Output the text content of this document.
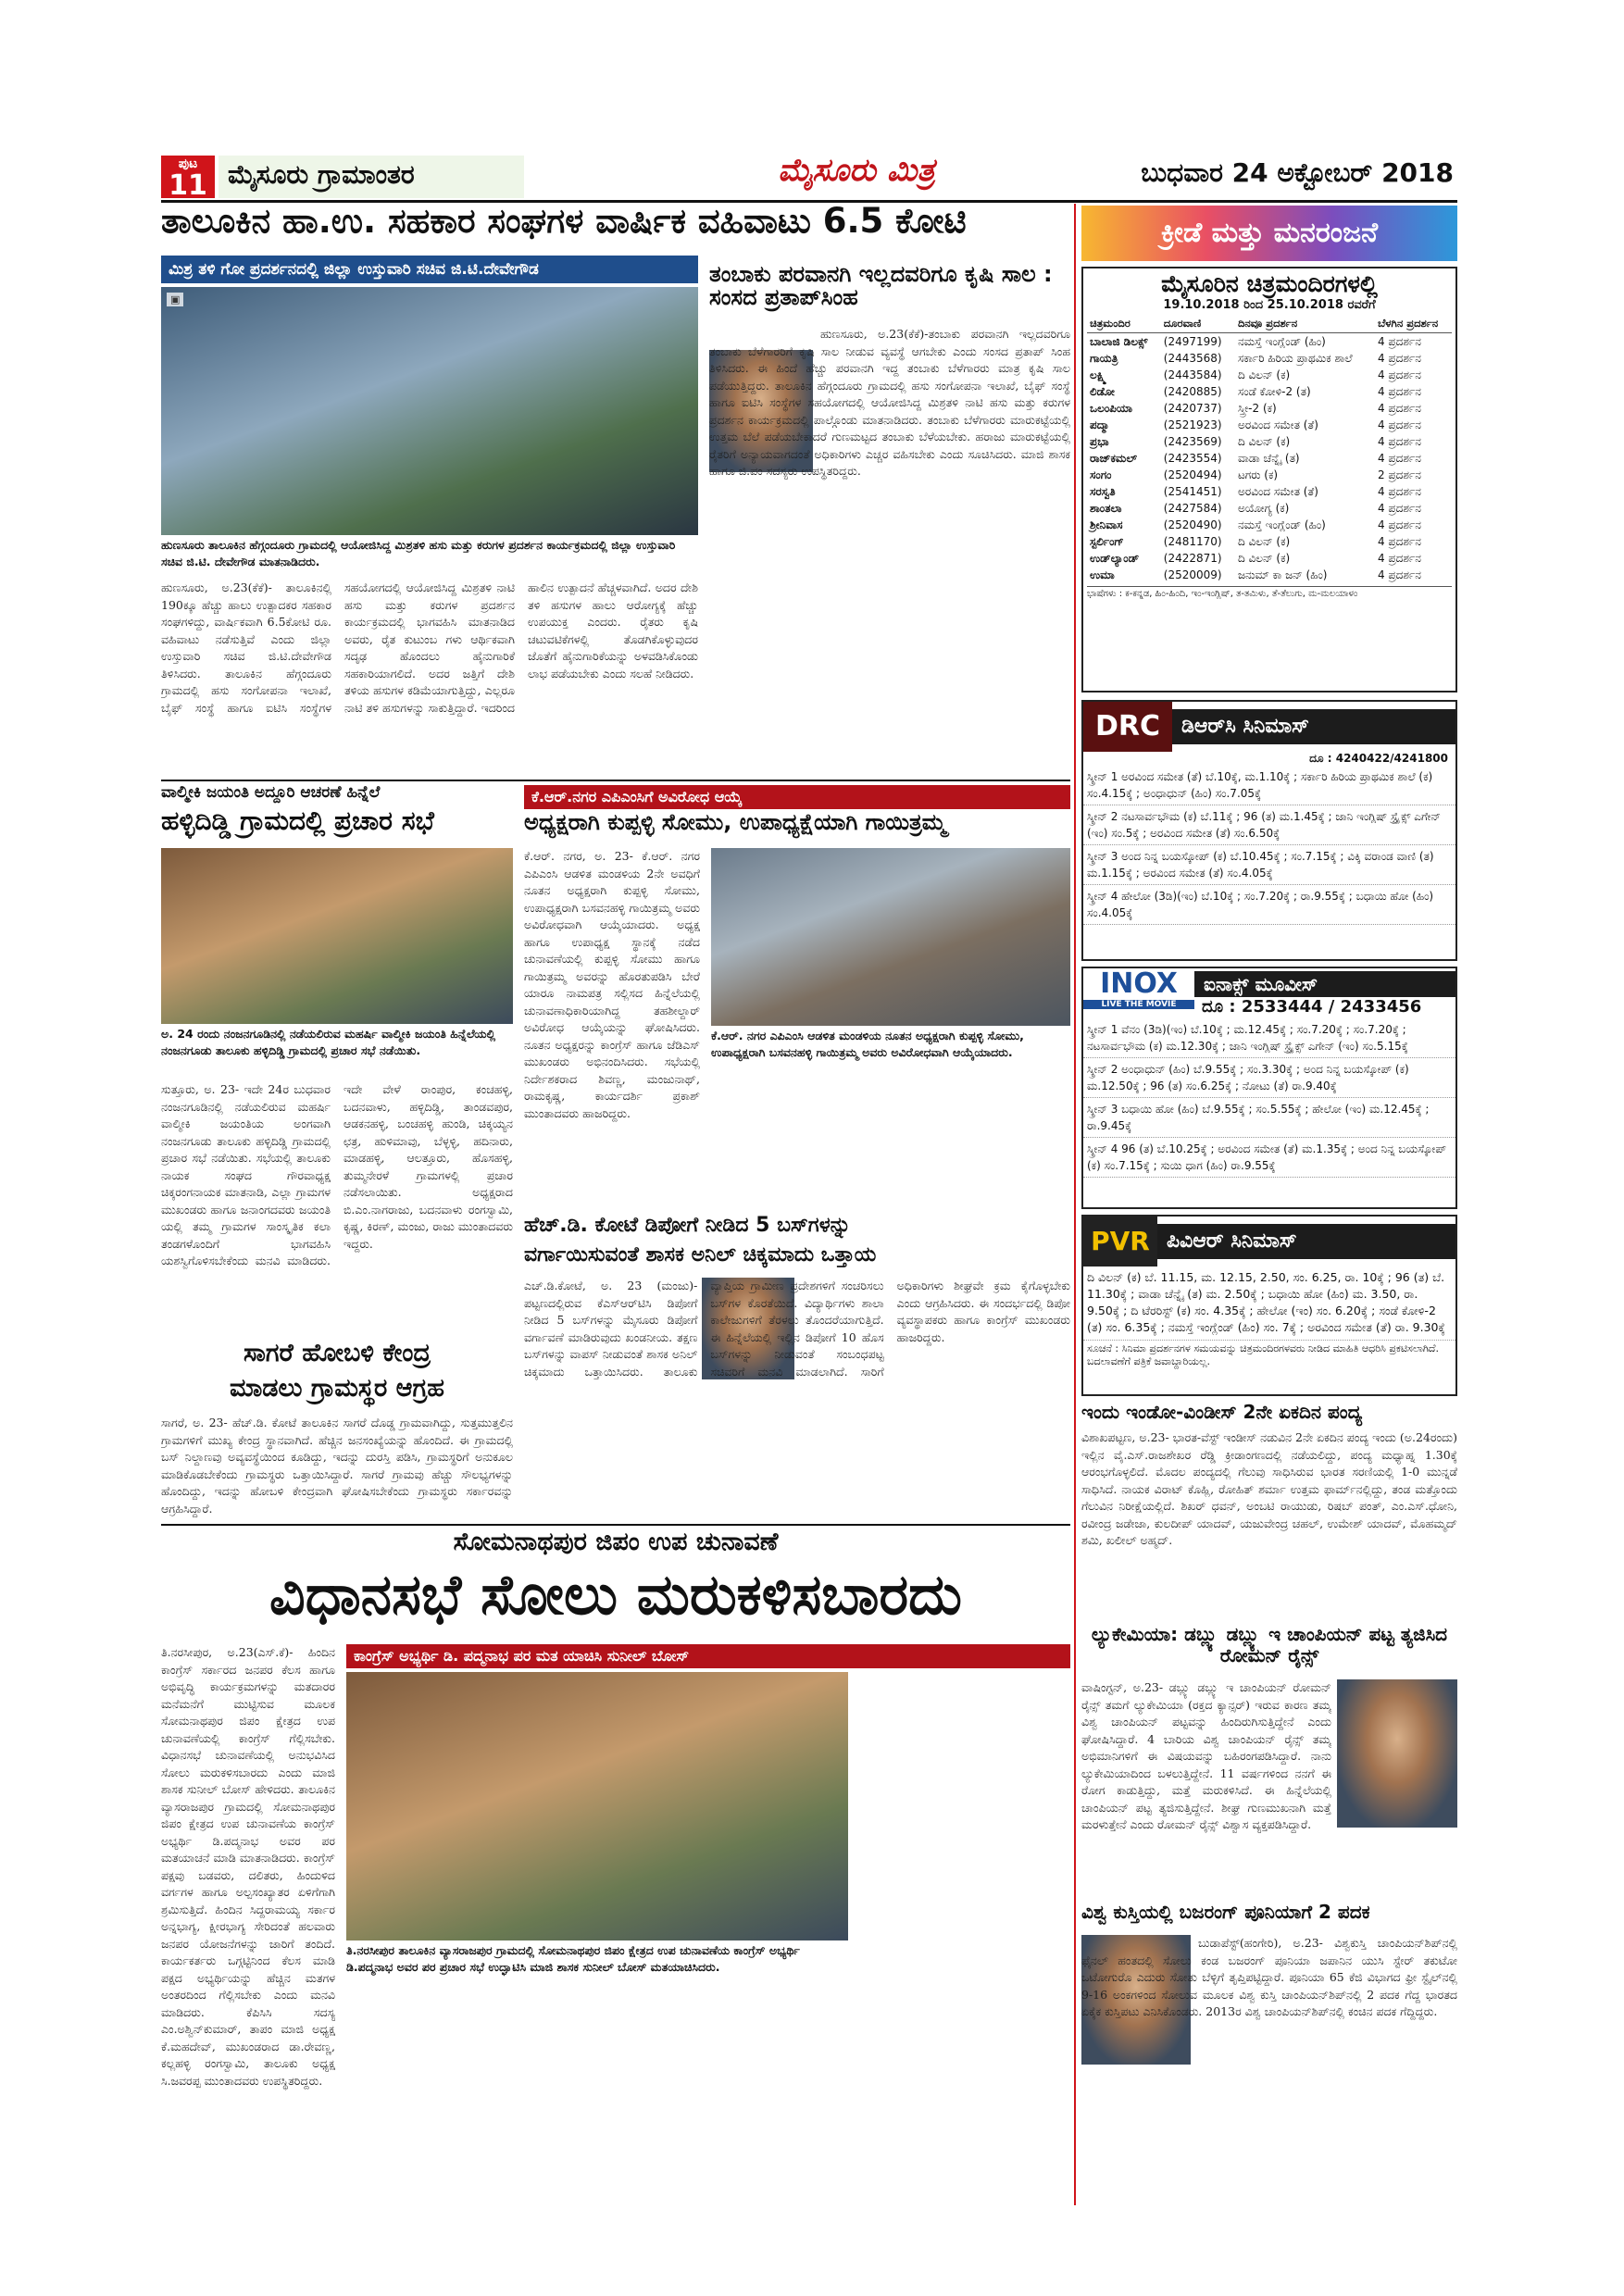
ಪುಟ
11 ಮೈಸೂರು ಗ್ರಾಮಾಂತರ	ಮೈಸೂರು ಮಿತ್ರ	ಬುಧವಾರ 24 ಅಕ್ಟೋಬರ್ 2018
ತಾಲೂಕಿನ ಹಾ.ಉ. ಸಹಕಾರ ಸಂಘಗಳ ವಾರ್ಷಿಕ ವಹಿವಾಟು 6.5 ಕೋಟಿ
ಮಿಶ್ರ ತಳಿ ಗೋ ಪ್ರದರ್ಶನದಲ್ಲಿ ಜಿಲ್ಲಾ ಉಸ್ತುವಾರಿ ಸಚಿವ ಜಿ.ಟಿ.ದೇವೇಗೌಡ
▣
ಹುಣಸೂರು ತಾಲೂಕಿನ ಹೆಗ್ಗಂದೂರು ಗ್ರಾಮದಲ್ಲಿ ಆಯೋಜಿಸಿದ್ದ ಮಿಶ್ರತಳಿ ಹಸು ಮತ್ತು ಕರುಗಳ ಪ್ರದರ್ಶನ ಕಾರ್ಯಕ್ರಮದಲ್ಲಿ ಜಿಲ್ಲಾ ಉಸ್ತುವಾರಿ ಸಚಿವ ಜಿ.ಟಿ. ದೇವೇಗೌಡ ಮಾತನಾಡಿದರು.
ಹುಣಸೂರು, ಅ.23(ಕೆಕೆ)- ತಾಲೂಕಿನಲ್ಲಿ 190ಕ್ಕೂ ಹೆಚ್ಚು ಹಾಲು ಉತ್ಪಾದಕರ ಸಹಕಾರ ಸಂಘಗಳಿದ್ದು, ವಾರ್ಷಿಕವಾಗಿ 6.5ಕೋಟಿ ರೂ. ವಹಿವಾಟು ನಡೆಸುತ್ತಿವೆ ಎಂದು ಜಿಲ್ಲಾ ಉಸ್ತುವಾರಿ ಸಚಿವ ಜಿ.ಟಿ.ದೇವೇಗೌಡ ತಿಳಿಸಿದರು. ತಾಲೂಕಿನ ಹೆಗ್ಗಂದೂರು ಗ್ರಾಮದಲ್ಲಿ ಹಸು ಸಂಗೋಪನಾ ಇಲಾಖೆ, ಬೈಫ್ ಸಂಸ್ಥೆ ಹಾಗೂ ಐಟಿಸಿ ಸಂಸ್ಥೆಗಳ ಸಹಯೋಗದಲ್ಲಿ ಆಯೋಜಿಸಿದ್ದ ಮಿಶ್ರತಳಿ ನಾಟಿ ಹಸು ಮತ್ತು ಕರುಗಳ ಪ್ರದರ್ಶನ ಕಾರ್ಯಕ್ರಮದಲ್ಲಿ ಭಾಗವಹಿಸಿ ಮಾತನಾಡಿದ ಅವರು, ರೈತ ಕುಟುಂಬ ಗಳು ಆರ್ಥಿಕವಾಗಿ ಸದೃಢ ಹೊಂದಲು ಹೈನುಗಾರಿಕೆ ಸಹಕಾರಿಯಾಗಲಿದೆ. ಅದರ ಜತ್ತಿಗೆ ದೇಶಿ ತಳಿಯ ಹಸುಗಳ ಕಡಿಮೆಯಾಗುತ್ತಿದ್ದು, ಎಲ್ಲರೂ ನಾಟಿ ತಳಿ ಹಸುಗಳನ್ನು ಸಾಕುತ್ತಿದ್ದಾರೆ. ಇದರಿಂದ ಹಾಲಿನ ಉತ್ಪಾದನೆ ಹೆಚ್ಚಳವಾಗಿದೆ. ಅದರ ದೇಶಿ ತಳಿ ಹಸುಗಳ ಹಾಲು ಆರೋಗ್ಯಕ್ಕೆ ಹೆಚ್ಚು ಉಪಯುಕ್ತ ಎಂದರು. ರೈತರು ಕೃಷಿ ಚಟುವಟಿಕೆಗಳಲ್ಲಿ ತೊಡಗಿಕೊಳ್ಳುವುದರ ಜೊತೆಗೆ ಹೈನುಗಾರಿಕೆಯನ್ನು ಅಳವಡಿಸಿಕೊಂಡು ಲಾಭ ಪಡೆಯಬೇಕು ಎಂದು ಸಲಹೆ ನೀಡಿದರು.
ತಂಬಾಕು ಪರವಾನಗಿ ಇಲ್ಲದವರಿಗೂ ಕೃಷಿ ಸಾಲ : ಸಂಸದ ಪ್ರತಾಪ್‌ಸಿಂಹ
ಹುಣಸೂರು, ಅ.23(ಕೆಕೆ)-ತಂಬಾಕು ಪರವಾನಗಿ ಇಲ್ಲದವರಿಗೂ ತಂಬಾಕು ಬೆಳೆಗಾರರಿಗೆ ಕೃಷಿ ಸಾಲ ನೀಡುವ ವ್ಯವಸ್ಥೆ ಆಗಬೇಕು ಎಂದು ಸಂಸದ ಪ್ರತಾಪ್ ಸಿಂಹ ತಿಳಿಸಿದರು. ಈ ಹಿಂದೆ ಹೆಚ್ಚು ಪರವಾನಗಿ ಇದ್ದ ತಂಬಾಕು ಬೆಳೆಗಾರರು ಮಾತ್ರ ಕೃಷಿ ಸಾಲ ಪಡೆಯುತ್ತಿದ್ದರು. ತಾಲೂಕಿನ ಹೆಗ್ಗಂದೂರು ಗ್ರಾಮದಲ್ಲಿ ಹಸು ಸಂಗೋಪನಾ ಇಲಾಖೆ, ಬೈಫ್ ಸಂಸ್ಥೆ ಹಾಗೂ ಐಟಿಸಿ ಸಂಸ್ಥೆಗಳ ಸಹಯೋಗದಲ್ಲಿ ಆಯೋಜಿಸಿದ್ದ ಮಿಶ್ರತಳಿ ನಾಟಿ ಹಸು ಮತ್ತು ಕರುಗಳ ಪ್ರದರ್ಶನ ಕಾರ್ಯಕ್ರಮದಲ್ಲಿ ಪಾಲ್ಗೊಂಡು ಮಾತನಾಡಿದರು. ತಂಬಾಕು ಬೆಳೆಗಾರರು ಮಾರುಕಟ್ಟೆಯಲ್ಲಿ ಉತ್ತಮ ಬೆಲೆ ಪಡೆಯಬೇಕಾದರೆ ಗುಣಮಟ್ಟದ ತಂಬಾಕು ಬೆಳೆಯಬೇಕು. ಹರಾಜು ಮಾರುಕಟ್ಟೆಯಲ್ಲಿ ರೈತರಿಗೆ ಅನ್ಯಾಯವಾಗದಂತೆ ಅಧಿಕಾರಿಗಳು ಎಚ್ಚರ ವಹಿಸಬೇಕು ಎಂದು ಸೂಚಿಸಿದರು. ಮಾಜಿ ಶಾಸಕ ಹಾಗೂ ಜಿ.ಪಂ ಸದಸ್ಯರು ಉಪಸ್ಥಿತರಿದ್ದರು.
ವಾಲ್ಮೀಕಿ ಜಯಂತಿ ಅದ್ದೂರಿ ಆಚರಣೆ ಹಿನ್ನೆಲೆ
ಹಳ್ಳಿದಿಡ್ಡಿ ಗ್ರಾಮದಲ್ಲಿ ಪ್ರಚಾರ ಸಭೆ
ಅ. 24 ರಂದು ನಂಜನಗೂಡಿನಲ್ಲಿ ನಡೆಯಲಿರುವ ಮಹರ್ಷಿ ವಾಲ್ಮೀಕಿ ಜಯಂತಿ ಹಿನ್ನೆಲೆಯಲ್ಲಿ ನಂಜನಗೂಡು ತಾಲೂಕು ಹಳ್ಳಿದಿಡ್ಡಿ ಗ್ರಾಮದಲ್ಲಿ ಪ್ರಚಾರ ಸಭೆ ನಡೆಯಿತು.
ಸುತ್ತೂರು, ಅ. 23- ಇದೇ 24ರ ಬುಧವಾರ ನಂಜನಗೂಡಿನಲ್ಲಿ ನಡೆಯಲಿರುವ ಮಹರ್ಷಿ ವಾಲ್ಮೀಕಿ ಜಯಂತಿಯ ಅಂಗವಾಗಿ ನಂಜನಗೂಡು ತಾಲೂಕು ಹಳ್ಳಿದಿಡ್ಡಿ ಗ್ರಾಮದಲ್ಲಿ ಪ್ರಚಾರ ಸಭೆ ನಡೆಯಿತು. ಸಭೆಯಲ್ಲಿ ತಾಲೂಕು ನಾಯಕ ಸಂಘದ ಗೌರವಾಧ್ಯಕ್ಷ ಚಿಕ್ಕರಂಗನಾಯಕ ಮಾತನಾಡಿ, ಎಲ್ಲಾ ಗ್ರಾಮಗಳ ಮುಖಂಡರು ಹಾಗೂ ಜನಾಂಗದವರು ಜಯಂತಿ ಯಲ್ಲಿ ತಮ್ಮ ಗ್ರಾಮಗಳ ಸಾಂಸ್ಕೃತಿಕ ಕಲಾ ತಂಡಗಳೊಂದಿಗೆ ಭಾಗವಹಿಸಿ ಯಶಸ್ವಿಗೊಳಿಸಬೇಕೆಂದು ಮನವಿ ಮಾಡಿದರು. ಇದೇ ವೇಳೆ ರಾಂಪುರ, ಕಂಚಹಳ್ಳಿ, ಬದನವಾಳು, ಹಳ್ಳಿದಿಡ್ಡಿ, ತಾಂಡವಪುರ, ಆಡಕನಹಳ್ಳಿ, ಬಂಚಹಳ್ಳಿ ಹುಂಡಿ, ಚಿಕ್ಕಯ್ಯನ ಛತ್ರ, ಹುಳಿಮಾವು, ಬೆಳ್ಳಳ್ಳಿ, ಹದಿನಾರು, ಮಾಡಹಳ್ಳಿ, ಆಲತ್ತೂರು, ಹೊಸಹಳ್ಳಿ, ತುಮ್ಮನೇರಳೆ ಗ್ರಾಮಗಳಲ್ಲಿ ಪ್ರಚಾರ ನಡೆಸಲಾಯಿತು. ಅಧ್ಯಕ್ಷರಾದ ಬಿ.ಎಂ.ನಾಗರಾಜು, ಬದನವಾಳು ರಂಗಸ್ವಾಮಿ, ಕೃಷ್ಣ, ಕಿರಣ್, ಮಂಜು, ರಾಜು ಮುಂತಾದವರು ಇದ್ದರು.
ಕೆ.ಆರ್.ನಗರ ಎಪಿಎಂಸಿಗೆ ಅವಿರೋಧ ಆಯ್ಕೆ
ಅಧ್ಯಕ್ಷರಾಗಿ ಕುಪ್ಪಳ್ಳಿ ಸೋಮು, ಉಪಾಧ್ಯಕ್ಷೆಯಾಗಿ ಗಾಯಿತ್ರಮ್ಮ
ಕೆ.ಆರ್. ನಗರ, ಅ. 23- ಕೆ.ಆರ್. ನಗರ ಎಪಿಎಂಸಿ ಆಡಳಿತ ಮಂಡಳಿಯ 2ನೇ ಅವಧಿಗೆ ನೂತನ ಅಧ್ಯಕ್ಷರಾಗಿ ಕುಪ್ಪಳ್ಳಿ ಸೋಮು, ಉಪಾಧ್ಯಕ್ಷರಾಗಿ ಬಸವನಹಳ್ಳಿ ಗಾಯಿತ್ರಮ್ಮ ಅವರು ಅವಿರೋಧವಾಗಿ ಆಯ್ಕೆಯಾದರು. ಅಧ್ಯಕ್ಷ ಹಾಗೂ ಉಪಾಧ್ಯಕ್ಷ ಸ್ಥಾನಕ್ಕೆ ನಡೆದ ಚುನಾವಣೆಯಲ್ಲಿ ಕುಪ್ಪಳ್ಳಿ ಸೋಮು ಹಾಗೂ ಗಾಯಿತ್ರಮ್ಮ ಅವರನ್ನು ಹೊರತುಪಡಿಸಿ ಬೇರೆ ಯಾರೂ ನಾಮಪತ್ರ ಸಲ್ಲಿಸದ ಹಿನ್ನೆಲೆಯಲ್ಲಿ ಚುನಾವಣಾಧಿಕಾರಿಯಾಗಿದ್ದ ತಹಶೀಲ್ದಾರ್ ಅವಿರೋಧ ಆಯ್ಕೆಯನ್ನು ಘೋಷಿಸಿದರು. ನೂತನ ಅಧ್ಯಕ್ಷರನ್ನು ಕಾಂಗ್ರೆಸ್ ಹಾಗೂ ಜೆಡಿಎಸ್ ಮುಖಂಡರು ಅಭಿನಂದಿಸಿದರು. ಸಭೆಯಲ್ಲಿ ನಿರ್ದೇಶಕರಾದ ಶಿವಣ್ಣ, ಮಂಜುನಾಥ್, ರಾಮಕೃಷ್ಣ, ಕಾರ್ಯದರ್ಶಿ ಪ್ರಕಾಶ್ ಮುಂತಾದವರು ಹಾಜರಿದ್ದರು.
ಕೆ.ಆರ್. ನಗರ ಎಪಿಎಂಸಿ ಆಡಳಿತ ಮಂಡಳಿಯ ನೂತನ ಅಧ್ಯಕ್ಷರಾಗಿ ಕುಪ್ಪಳ್ಳಿ ಸೋಮು, ಉಪಾಧ್ಯಕ್ಷರಾಗಿ ಬಸವನಹಳ್ಳಿ ಗಾಯಿತ್ರಮ್ಮ ಅವರು ಅವಿರೋಧವಾಗಿ ಆಯ್ಕೆಯಾದರು.
ಹೆಚ್.ಡಿ. ಕೋಟೆ ಡಿಪೋಗೆ ನೀಡಿದ 5 ಬಸ್‌ಗಳನ್ನು
ವರ್ಗಾಯಿಸುವಂತೆ ಶಾಸಕ ಅನಿಲ್ ಚಿಕ್ಕಮಾದು ಒತ್ತಾಯ
ಎಚ್.ಡಿ.ಕೋಟೆ, ಅ. 23 (ಮಂಜು)- ಪಟ್ಟಣದಲ್ಲಿರುವ ಕೆಎಸ್‌ಆರ್‌ಟಿಸಿ ಡಿಪೋಗೆ ನೀಡಿದ 5 ಬಸ್‌ಗಳನ್ನು ಮೈಸೂರು ಡಿಪೋಗೆ ವರ್ಗಾವಣೆ ಮಾಡಿರುವುದು ಖಂಡನೀಯ. ತಕ್ಷಣ ಬಸ್‌ಗಳನ್ನು ವಾಪಸ್ ನೀಡುವಂತೆ ಶಾಸಕ ಅನಿಲ್ ಚಿಕ್ಕಮಾದು ಒತ್ತಾಯಿಸಿದರು. ತಾಲೂಕು ವ್ಯಾಪ್ತಿಯ ಗ್ರಾಮೀಣ ಪ್ರದೇಶಗಳಿಗೆ ಸಂಚರಿಸಲು ಬಸ್‌ಗಳ ಕೊರತೆಯಿದೆ. ವಿದ್ಯಾರ್ಥಿಗಳು ಶಾಲಾ ಕಾಲೇಜುಗಳಿಗೆ ತೆರಳಲು ತೊಂದರೆಯಾಗುತ್ತಿದೆ. ಈ ಹಿನ್ನೆಲೆಯಲ್ಲಿ ಇಲ್ಲಿನ ಡಿಪೋಗೆ 10 ಹೊಸ ಬಸ್‌ಗಳನ್ನು ನೀಡುವಂತೆ ಸಂಬಂಧಪಟ್ಟ ಸಚಿವರಿಗೆ ಮನವಿ ಮಾಡಲಾಗಿದೆ. ಸಾರಿಗೆ ಅಧಿಕಾರಿಗಳು ಶೀಘ್ರವೇ ಕ್ರಮ ಕೈಗೊಳ್ಳಬೇಕು ಎಂದು ಆಗ್ರಹಿಸಿದರು. ಈ ಸಂದರ್ಭದಲ್ಲಿ ಡಿಪೋ ವ್ಯವಸ್ಥಾಪಕರು ಹಾಗೂ ಕಾಂಗ್ರೆಸ್ ಮುಖಂಡರು ಹಾಜರಿದ್ದರು.
ಸಾಗರೆ ಹೋಬಳಿ ಕೇಂದ್ರ
ಮಾಡಲು ಗ್ರಾಮಸ್ಥರ ಆಗ್ರಹ
ಸಾಗರೆ, ಅ. 23- ಹೆಚ್.ಡಿ. ಕೋಟೆ ತಾಲೂಕಿನ ಸಾಗರೆ ದೊಡ್ಡ ಗ್ರಾಮವಾಗಿದ್ದು, ಸುತ್ತಮುತ್ತಲಿನ ಗ್ರಾಮಗಳಿಗೆ ಮುಖ್ಯ ಕೇಂದ್ರ ಸ್ಥಾನವಾಗಿದೆ. ಹೆಚ್ಚಿನ ಜನಸಂಖ್ಯೆಯನ್ನು ಹೊಂದಿದೆ. ಈ ಗ್ರಾಮದಲ್ಲಿ ಬಸ್ ನಿಲ್ದಾಣವು ಅವ್ಯವಸ್ಥೆಯಿಂದ ಕೂಡಿದ್ದು, ಇದನ್ನು ದುರಸ್ತಿ ಪಡಿಸಿ, ಗ್ರಾಮಸ್ಥರಿಗೆ ಅನುಕೂಲ ಮಾಡಿಕೊಡಬೇಕೆಂದು ಗ್ರಾಮಸ್ಥರು ಒತ್ತಾಯಿಸಿದ್ದಾರೆ. ಸಾಗರೆ ಗ್ರಾಮವು ಹೆಚ್ಚು ಸೌಲಭ್ಯಗಳನ್ನು ಹೊಂದಿದ್ದು, ಇದನ್ನು ಹೋಬಳಿ ಕೇಂದ್ರವಾಗಿ ಘೋಷಿಸಬೇಕೆಂದು ಗ್ರಾಮಸ್ಥರು ಸರ್ಕಾರವನ್ನು ಆಗ್ರಹಿಸಿದ್ದಾರೆ.
ಸೋಮನಾಥಪುರ ಜಿಪಂ ಉಪ ಚುನಾವಣೆ
ವಿಧಾನಸಭೆ ಸೋಲು ಮರುಕಳಿಸಬಾರದು
ತಿ.ನರಸೀಪುರ, ಅ.23(ಎಸ್.ಕೆ)- ಹಿಂದಿನ ಕಾಂಗ್ರೆಸ್ ಸರ್ಕಾರದ ಜನಪರ ಕೆಲಸ ಹಾಗೂ ಅಭಿವೃದ್ಧಿ ಕಾರ್ಯಕ್ರಮಗಳನ್ನು ಮತದಾರರ ಮನೆಮನೆಗೆ ಮುಟ್ಟಿಸುವ ಮೂಲಕ ಸೋಮನಾಥಪುರ ಜಿಪಂ ಕ್ಷೇತ್ರದ ಉಪ ಚುನಾವಣೆಯಲ್ಲಿ ಕಾಂಗ್ರೆಸ್ ಗೆಲ್ಲಿಸಬೇಕು. ವಿಧಾನಸಭೆ ಚುನಾವಣೆಯಲ್ಲಿ ಅನುಭವಿಸಿದ ಸೋಲು ಮರುಕಳಿಸಬಾರದು ಎಂದು ಮಾಜಿ ಶಾಸಕ ಸುನೀಲ್ ಬೋಸ್ ಹೇಳಿದರು. ತಾಲೂಕಿನ ವ್ಯಾಸರಾಜಪುರ ಗ್ರಾಮದಲ್ಲಿ ಸೋಮನಾಥಪುರ ಜಿಪಂ ಕ್ಷೇತ್ರದ ಉಪ ಚುನಾವಣೆಯ ಕಾಂಗ್ರೆಸ್ ಅಭ್ಯರ್ಥಿ ಡಿ.ಪದ್ಮನಾಭ ಅವರ ಪರ ಮತಯಾಚನೆ ಮಾಡಿ ಮಾತನಾಡಿದರು. ಕಾಂಗ್ರೆಸ್ ಪಕ್ಷವು ಬಡವರು, ದಲಿತರು, ಹಿಂದುಳಿದ ವರ್ಗಗಳ ಹಾಗೂ ಅಲ್ಪಸಂಖ್ಯಾತರ ಏಳಿಗೆಗಾಗಿ ಶ್ರಮಿಸುತ್ತಿದೆ. ಹಿಂದಿನ ಸಿದ್ದರಾಮಯ್ಯ ಸರ್ಕಾರ ಅನ್ನಭಾಗ್ಯ, ಕ್ಷೀರಭಾಗ್ಯ ಸೇರಿದಂತೆ ಹಲವಾರು ಜನಪರ ಯೋಜನೆಗಳನ್ನು ಜಾರಿಗೆ ತಂದಿದೆ. ಕಾರ್ಯಕರ್ತರು ಒಗ್ಗಟ್ಟಿನಿಂದ ಕೆಲಸ ಮಾಡಿ ಪಕ್ಷದ ಅಭ್ಯರ್ಥಿಯನ್ನು ಹೆಚ್ಚಿನ ಮತಗಳ ಅಂತರದಿಂದ ಗೆಲ್ಲಿಸಬೇಕು ಎಂದು ಮನವಿ ಮಾಡಿದರು. ಕೆಪಿಸಿಸಿ ಸದಸ್ಯ ಎಂ.ಅಶ್ವಿನ್‌ಕುಮಾರ್, ತಾಪಂ ಮಾಜಿ ಅಧ್ಯಕ್ಷ ಕೆ.ಮಹದೇವ್, ಮುಖಂಡರಾದ ಡಾ.ರೇವಣ್ಣ, ಕಲ್ಲಹಳ್ಳಿ ರಂಗಸ್ವಾಮಿ, ತಾಲೂಕು ಅಧ್ಯಕ್ಷ ಸಿ.ಜವರಪ್ಪ ಮುಂತಾದವರು ಉಪಸ್ಥಿತರಿದ್ದರು.
ಕಾಂಗ್ರೆಸ್ ಅಭ್ಯರ್ಥಿ ಡಿ. ಪದ್ಮನಾಭ ಪರ ಮತ ಯಾಚಿಸಿ ಸುನೀಲ್ ಬೋಸ್
ತಿ.ನರಸೀಪುರ ತಾಲೂಕಿನ ವ್ಯಾಸರಾಜಪುರ ಗ್ರಾಮದಲ್ಲಿ ಸೋಮನಾಥಪುರ ಜಿಪಂ ಕ್ಷೇತ್ರದ ಉಪ ಚುನಾವಣೆಯ ಕಾಂಗ್ರೆಸ್ ಅಭ್ಯರ್ಥಿ ಡಿ.ಪದ್ಮನಾಭ ಅವರ ಪರ ಪ್ರಚಾರ ಸಭೆ ಉದ್ಘಾಟಿಸಿ ಮಾಜಿ ಶಾಸಕ ಸುನೀಲ್ ಬೋಸ್ ಮತಯಾಚಿಸಿದರು.
ಕ್ರೀಡೆ ಮತ್ತು ಮನರಂಜನೆ
ಮೈಸೂರಿನ ಚಿತ್ರಮಂದಿರಗಳಲ್ಲಿ
19.10.2018 ರಿಂದ 25.10.2018 ರವರೆಗೆ
ಚಿತ್ರಮಂದಿರ	ದೂರವಾಣಿ	ದಿನವೂ ಪ್ರದರ್ಶನ	ಬೆಳಗಿನ ಪ್ರದರ್ಶನ
ಬಾಲಾಜಿ ಡಿಲಕ್ಸ್	(2497199)	ನಮಸ್ತೆ ಇಂಗ್ಲೆಂಡ್ (ಹಿಂ)	4 ಪ್ರದರ್ಶನ
ಗಾಯತ್ರಿ	(2443568)	ಸರ್ಕಾರಿ ಹಿರಿಯ ಪ್ರಾಥಮಿಕ ಶಾಲೆ	4 ಪ್ರದರ್ಶನ
ಲಕ್ಷ್ಮಿ	(2443584)	ದಿ ವಿಲನ್ (ಕ)	4 ಪ್ರದರ್ಶನ
ಲಿಡೋ	(2420885)	ಸಂಡೆ ಕೋಳಿ-2 (ತ)	4 ಪ್ರದರ್ಶನ
ಒಲಂಪಿಯಾ	(2420737)	ಸ್ತ್ರೀ-2 (ಕ)	4 ಪ್ರದರ್ಶನ
ಪದ್ಮಾ	(2521923)	ಅರವಿಂದ ಸಮೇತ (ತೆ)	4 ಪ್ರದರ್ಶನ
ಪ್ರಭಾ	(2423569)	ದಿ ವಿಲನ್ (ಕ)	4 ಪ್ರದರ್ಶನ
ರಾಜ್‌ಕಮಲ್	(2423554)	ವಾಡಾ ಚೆನ್ನೈ (ತ)	4 ಪ್ರದರ್ಶನ
ಸಂಗಂ	(2520494)	ಟಗರು (ಕ)	2 ಪ್ರದರ್ಶನ
ಸರಸ್ವತಿ	(2541451)	ಅರವಿಂದ ಸಮೇತ (ತೆ)	4 ಪ್ರದರ್ಶನ
ಶಾಂತಲಾ	(2427584)	ಅಯೋಗ್ಯ (ಕ)	4 ಪ್ರದರ್ಶನ
ಶ್ರೀನಿವಾಸ	(2520490)	ನಮಸ್ತೆ ಇಂಗ್ಲೆಂಡ್ (ಹಿಂ)	4 ಪ್ರದರ್ಶನ
ಸ್ಟರ್ಲಿಂಗ್	(2481170)	ದಿ ವಿಲನ್ (ಕ)	4 ಪ್ರದರ್ಶನ
ಉಡ್‌ಲ್ಯಾಂಡ್	(2422871)	ದಿ ವಿಲನ್ (ಕ)	4 ಪ್ರದರ್ಶನ
ಉಮಾ	(2520009)	ಜನುಮ್ ಕಾ ಜನ್ (ಹಿಂ)	4 ಪ್ರದರ್ಶನ
ಭಾಷೆಗಳು : ಕ-ಕನ್ನಡ, ಹಿಂ-ಹಿಂದಿ, ಇಂ-ಇಂಗ್ಲಿಷ್, ತ-ತಮಿಳು, ತೆ-ತೆಲುಗು, ಮ-ಮಲಯಾಳಂ
DRC	ಡಿಆರ್‌ಸಿ ಸಿನಿಮಾಸ್
ದೂ : 4240422/4241800
ಸ್ಕ್ರೀನ್ 1 ಅರವಿಂದ ಸಮೇತ (ತೆ) ಬೆ.10ಕ್ಕೆ, ಮ.1.10ಕ್ಕೆ ; ಸರ್ಕಾರಿ ಹಿರಿಯ ಪ್ರಾಥಮಿಕ ಶಾಲೆ (ಕ) ಸಂ.4.15ಕ್ಕೆ ; ಅಂಧಾಧುನ್ (ಹಿಂ) ಸಂ.7.05ಕ್ಕೆ
ಸ್ಕ್ರೀನ್ 2 ನಟಸಾರ್ವಭೌಮ (ಕ) ಬೆ.11ಕ್ಕೆ ; 96 (ತ) ಮ.1.45ಕ್ಕೆ ; ಜಾನಿ ಇಂಗ್ಲಿಷ್ ಸ್ಟ್ರೈಕ್ಸ್ ಎಗೇನ್ (ಇಂ) ಸಂ.5ಕ್ಕೆ ; ಅರವಿಂದ ಸಮೇತ (ತೆ) ಸಂ.6.50ಕ್ಕೆ
ಸ್ಕ್ರೀನ್ 3 ಅಂದ ನಿನ್ನ ಬಯಸ್ಕೋಪ್ (ಕ) ಬೆ.10.45ಕ್ಕೆ ; ಸಂ.7.15ಕ್ಕೆ ; ವಿಕ್ಕಿ ವರಾಂಡ ವಾಣಿ (ತ) ಮ.1.15ಕ್ಕೆ ; ಅರವಿಂದ ಸಮೇತ (ತೆ) ಸಂ.4.05ಕ್ಕೆ
ಸ್ಕ್ರೀನ್ 4 ಹೇಲೋ (3ಡಿ)(ಇಂ) ಬೆ.10ಕ್ಕೆ ; ಸಂ.7.20ಕ್ಕೆ ; ರಾ.9.55ಕ್ಕೆ ; ಬಧಾಯಿ ಹೋ (ಹಿಂ) ಸಂ.4.05ಕ್ಕೆ
INOX
LIVE THE MOVIE
ಐನಾಕ್ಸ್ ಮೂವೀಸ್
ದೂ : 2533444 / 2433456
ಸ್ಕ್ರೀನ್ 1 ವೆನಂ (3ಡಿ)(ಇಂ) ಬೆ.10ಕ್ಕೆ ; ಮ.12.45ಕ್ಕೆ ; ಸಂ.7.20ಕ್ಕೆ ; ಸಂ.7.20ಕ್ಕೆ ; ನಟಸಾರ್ವಭೌಮ (ಕ) ಮ.12.30ಕ್ಕೆ ; ಜಾನಿ ಇಂಗ್ಲಿಷ್ ಸ್ಟ್ರೈಕ್ಸ್ ಎಗೇನ್ (ಇಂ) ಸಂ.5.15ಕ್ಕೆ
ಸ್ಕ್ರೀನ್ 2 ಅಂಧಾಧುನ್ (ಹಿಂ) ಬೆ.9.55ಕ್ಕೆ ; ಸಂ.3.30ಕ್ಕೆ ; ಅಂದ ನಿನ್ನ ಬಯಸ್ಕೋಪ್ (ಕ) ಮ.12.50ಕ್ಕೆ ; 96 (ತ) ಸಂ.6.25ಕ್ಕೆ ; ನೋಟು (ತೆ) ರಾ.9.40ಕ್ಕೆ
ಸ್ಕ್ರೀನ್ 3 ಬಧಾಯಿ ಹೋ (ಹಿಂ) ಬೆ.9.55ಕ್ಕೆ ; ಸಂ.5.55ಕ್ಕೆ ; ಹೇಲೋ (ಇಂ) ಮ.12.45ಕ್ಕೆ ; ರಾ.9.45ಕ್ಕೆ
ಸ್ಕ್ರೀನ್ 4 96 (ತ) ಬೆ.10.25ಕ್ಕೆ ; ಅರವಿಂದ ಸಮೇತ (ತೆ) ಮ.1.35ಕ್ಕೆ ; ಅಂದ ನಿನ್ನ ಬಯಸ್ಕೋಪ್ (ಕ) ಸಂ.7.15ಕ್ಕೆ ; ಸುಯಿ ಧಾಗ (ಹಿಂ) ರಾ.9.55ಕ್ಕೆ
PVR ಪಿವಿಆರ್ ಸಿನಿಮಾಸ್
ದಿ ವಿಲನ್ (ಕ) ಬೆ. 11.15, ಮ. 12.15, 2.50, ಸಂ. 6.25, ರಾ. 10ಕ್ಕೆ ; 96 (ತ) ಬೆ. 11.30ಕ್ಕೆ ; ವಾಡಾ ಚೆನ್ನೈ (ತ) ಮ. 2.50ಕ್ಕೆ ; ಬಧಾಯಿ ಹೋ (ಹಿಂ) ಮ. 3.50, ರಾ. 9.50ಕ್ಕೆ ; ದಿ ಟೆರರಿಸ್ಟ್ (ಕ) ಸಂ. 4.35ಕ್ಕೆ ; ಹೇಲೋ (ಇಂ) ಸಂ. 6.20ಕ್ಕೆ ; ಸಂಡೆ ಕೋಳಿ-2 (ತ) ಸಂ. 6.35ಕ್ಕೆ ; ನಮಸ್ತೆ ಇಂಗ್ಲೆಂಡ್ (ಹಿಂ) ಸಂ. 7ಕ್ಕೆ ; ಅರವಿಂದ ಸಮೇತ (ತೆ) ರಾ. 9.30ಕ್ಕೆ
ಸೂಚನೆ : ಸಿನಿಮಾ ಪ್ರದರ್ಶನಗಳ ಸಮಯವನ್ನು ಚಿತ್ರಮಂದಿರಗಳವರು ನೀಡಿದ ಮಾಹಿತಿ ಆಧರಿಸಿ ಪ್ರಕಟಿಸಲಾಗಿದೆ. ಬದಲಾವಣೆಗೆ ಪತ್ರಿಕೆ ಜವಾಬ್ದಾರಿಯಲ್ಲ.
ಇಂದು ಇಂಡೋ-ವಿಂಡೀಸ್ 2ನೇ ಏಕದಿನ ಪಂದ್ಯ
ವಿಶಾಖಪಟ್ಟಣ, ಅ.23- ಭಾರತ-ವೆಸ್ಟ್ ಇಂಡೀಸ್ ನಡುವಿನ 2ನೇ ಏಕದಿನ ಪಂದ್ಯ ಇಂದು (ಅ.24ರಂದು) ಇಲ್ಲಿನ ವೈ.ಎಸ್.ರಾಜಶೇಖರ ರೆಡ್ಡಿ ಕ್ರೀಡಾಂಗಣದಲ್ಲಿ ನಡೆಯಲಿದ್ದು, ಪಂದ್ಯ ಮಧ್ಯಾಹ್ನ 1.30ಕ್ಕೆ ಆರಂಭಗೊಳ್ಳಲಿದೆ. ಮೊದಲ ಪಂದ್ಯದಲ್ಲಿ ಗೆಲುವು ಸಾಧಿಸಿರುವ ಭಾರತ ಸರಣಿಯಲ್ಲಿ 1-0 ಮುನ್ನಡೆ ಸಾಧಿಸಿದೆ. ನಾಯಕ ವಿರಾಟ್ ಕೊಹ್ಲಿ, ರೋಹಿತ್ ಶರ್ಮಾ ಉತ್ತಮ ಫಾರ್ಮ್‌ನಲ್ಲಿದ್ದು, ತಂಡ ಮತ್ತೊಂದು ಗೆಲುವಿನ ನಿರೀಕ್ಷೆಯಲ್ಲಿದೆ. ಶಿಖರ್ ಧವನ್, ಅಂಬಟಿ ರಾಯುಡು, ರಿಷಬ್ ಪಂತ್, ಎಂ.ಎಸ್.ಧೋನಿ, ರವೀಂದ್ರ ಜಡೇಜಾ, ಕುಲದೀಪ್ ಯಾದವ್, ಯಜುವೇಂದ್ರ ಚಹಲ್, ಉಮೇಶ್ ಯಾದವ್, ಮೊಹಮ್ಮದ್ ಶಮಿ, ಖಲೀಲ್ ಅಹ್ಮದ್.
ಲ್ಯುಕೇಮಿಯಾ: ಡಬ್ಲ್ಯು ಡಬ್ಲ್ಯು ಇ ಚಾಂಪಿಯನ್ ಪಟ್ಟ ತ್ಯಜಿಸಿದ ರೋಮನ್ ರೈನ್ಸ್
ವಾಷಿಂಗ್ಟನ್, ಅ.23- ಡಬ್ಲ್ಯು ಡಬ್ಲ್ಯು ಇ ಚಾಂಪಿಯನ್ ರೋಮನ್ ರೈನ್ಸ್ ತಮಗೆ ಲ್ಯುಕೇಮಿಯಾ (ರಕ್ತದ ಕ್ಯಾನ್ಸರ್) ಇರುವ ಕಾರಣ ತಮ್ಮ ವಿಶ್ವ ಚಾಂಪಿಯನ್ ಪಟ್ಟವನ್ನು ಹಿಂದಿರುಗಿಸುತ್ತಿದ್ದೇನೆ ಎಂದು ಘೋಷಿಸಿದ್ದಾರೆ. 4 ಬಾರಿಯ ವಿಶ್ವ ಚಾಂಪಿಯನ್ ರೈನ್ಸ್ ತಮ್ಮ ಅಭಿಮಾನಿಗಳಿಗೆ ಈ ವಿಷಯವನ್ನು ಬಹಿರಂಗಪಡಿಸಿದ್ದಾರೆ. ನಾನು ಲ್ಯುಕೇಮಿಯಾದಿಂದ ಬಳಲುತ್ತಿದ್ದೇನೆ. 11 ವರ್ಷಗಳಿಂದ ನನಗೆ ಈ ರೋಗ ಕಾಡುತ್ತಿದ್ದು, ಮತ್ತೆ ಮರುಕಳಿಸಿದೆ. ಈ ಹಿನ್ನೆಲೆಯಲ್ಲಿ ಚಾಂಪಿಯನ್ ಪಟ್ಟ ತ್ಯಜಿಸುತ್ತಿದ್ದೇನೆ. ಶೀಘ್ರ ಗುಣಮುಖನಾಗಿ ಮತ್ತೆ ಮರಳುತ್ತೇನೆ ಎಂದು ರೋಮನ್ ರೈನ್ಸ್ ವಿಶ್ವಾಸ ವ್ಯಕ್ತಪಡಿಸಿದ್ದಾರೆ.
ವಿಶ್ವ ಕುಸ್ತಿಯಲ್ಲಿ ಬಜರಂಗ್ ಪೂನಿಯಾಗೆ 2 ಪದಕ
ಬುಡಾಪೆಸ್ಟ್(ಹಂಗೇರಿ), ಅ.23- ವಿಶ್ವಕುಸ್ತಿ ಚಾಂಪಿಯನ್‌ಶಿಪ್‌ನಲ್ಲಿ ಫೈನಲ್ ಹಂತದಲ್ಲಿ ಸೋಲು ಕಂಡ ಬಜರಂಗ್ ಪೂನಿಯಾ ಜಪಾನಿನ ಯುಸಿ ಸ್ಟೇರ್ ತಕುಟೋ ಒಟೋಗುರೊ ಎದುರು ಸೋತು ಬೆಳ್ಳಿಗೆ ತೃಪ್ತಿಪಟ್ಟಿದ್ದಾರೆ. ಪೂನಿಯಾ 65 ಕೆಜಿ ವಿಭಾಗದ ಫ್ರೀ ಸ್ಟೈಲ್‌ನಲ್ಲಿ 9-16 ಅಂಕಗಳಿಂದ ಸೋಲುವ ಮೂಲಕ ವಿಶ್ವ ಕುಸ್ತಿ ಚಾಂಪಿಯನ್‌ಶಿಪ್‌ನಲ್ಲಿ 2 ಪದಕ ಗೆದ್ದ ಭಾರತದ ಏಕೈಕ ಕುಸ್ತಿಪಟು ಎನಿಸಿಕೊಂಡರು. 2013ರ ವಿಶ್ವ ಚಾಂಪಿಯನ್‌ಶಿಪ್‌ನಲ್ಲಿ ಕಂಚಿನ ಪದಕ ಗೆದ್ದಿದ್ದರು.
